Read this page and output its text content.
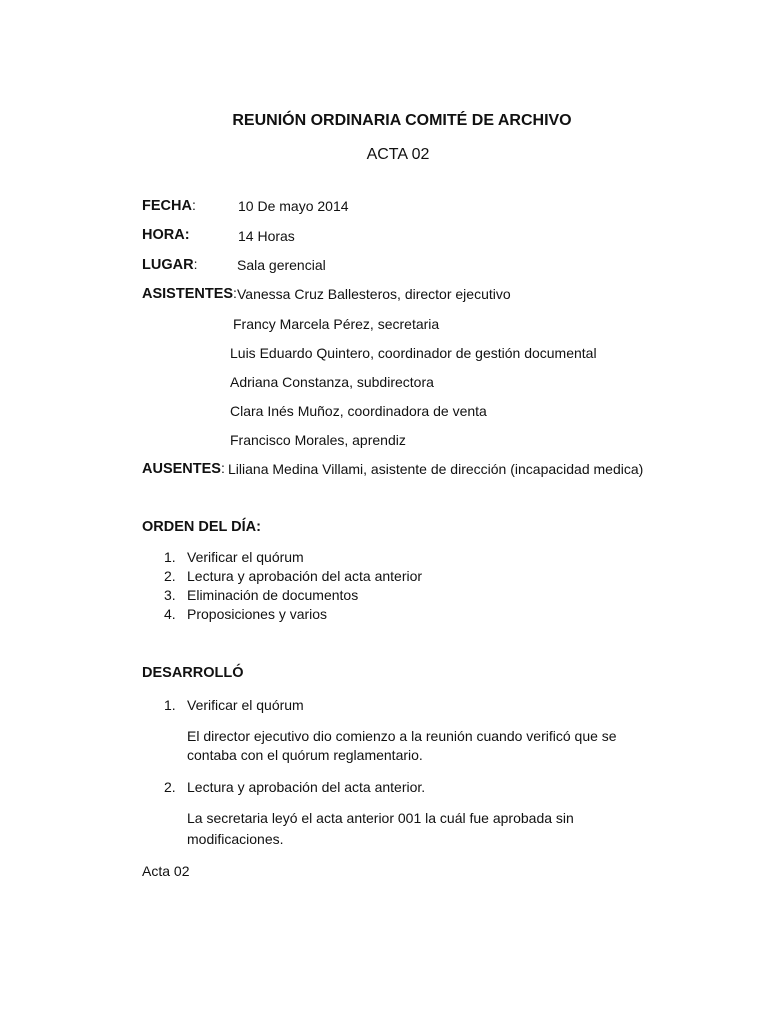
REUNIÓN ORDINARIA COMITÉ DE ARCHIVO
ACTA 02
FECHA:	10 De mayo 2014
HORA:	14 Horas
LUGAR:	Sala gerencial
ASISTENTES: Vanessa Cruz Ballesteros, director ejecutivo
Francy Marcela Pérez, secretaria
Luis Eduardo Quintero, coordinador de gestión documental
Adriana Constanza, subdirectora
Clara Inés Muñoz, coordinadora de venta
Francisco Morales, aprendiz
AUSENTES: Liliana Medina Villami, asistente de dirección (incapacidad medica)
ORDEN DEL DÍA:
1. Verificar el quórum
2. Lectura y aprobación del acta anterior
3. Eliminación de documentos
4. Proposiciones y varios
DESARROLLÓ
1. Verificar el quórum
El director ejecutivo dio comienzo a la reunión cuando verificó que se
contaba con el quórum reglamentario.
2. Lectura y aprobación del acta anterior.
La secretaria leyó el acta anterior 001 la cuál fue aprobada sin
modificaciones.
Acta 02
